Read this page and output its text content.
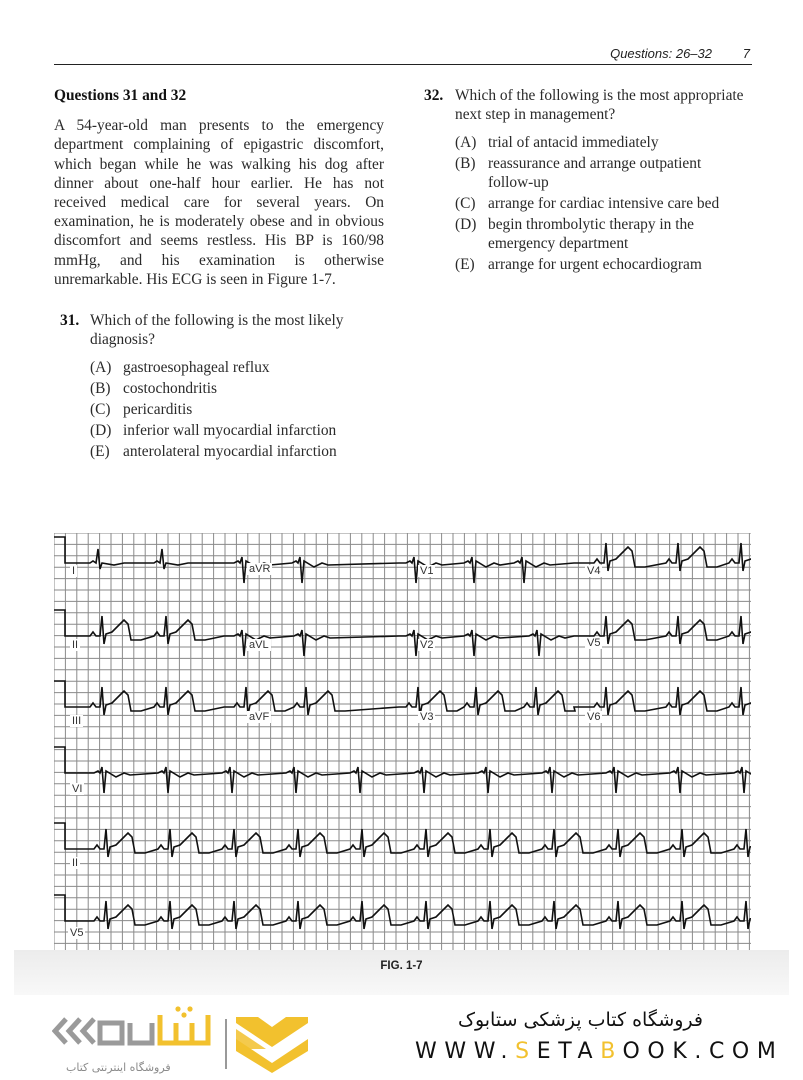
Questions: 26–32 7
Questions 31 and 32

A 54-year-old man presents to the emergency department complaining of epigastric discomfort, which began while he was walking his dog after dinner about one-half hour earlier. He has not received medical care for several years. On examination, he is moderately obese and in obvious discomfort and seems restless. His BP is 160/98 mmHg, and his examination is otherwise unremarkable. His ECG is seen in Figure 1-7.

31. Which of the following is the most likely diagnosis?
(A) gastroesophageal reflux
(B) costochondritis
(C) pericarditis
(D) inferior wall myocardial infarction
(E) anterolateral myocardial infarction
32. Which of the following is the most appropriate next step in management?
(A) trial of antacid immediately
(B) reassurance and arrange outpatient follow-up
(C) arrange for cardiac intensive care bed
(D) begin thrombolytic therapy in the emergency department
(E) arrange for urgent echocardiogram
I	aVR	V1	V4
II	aVL	V2	V5
III	aVF	V3	V6
VI
II
V5
FIG. 1-7
فروشگاه اینترنتی کتاب
فروشگاه کتاب پزشکی ستابوک
WWW.SETABOOK.COM
